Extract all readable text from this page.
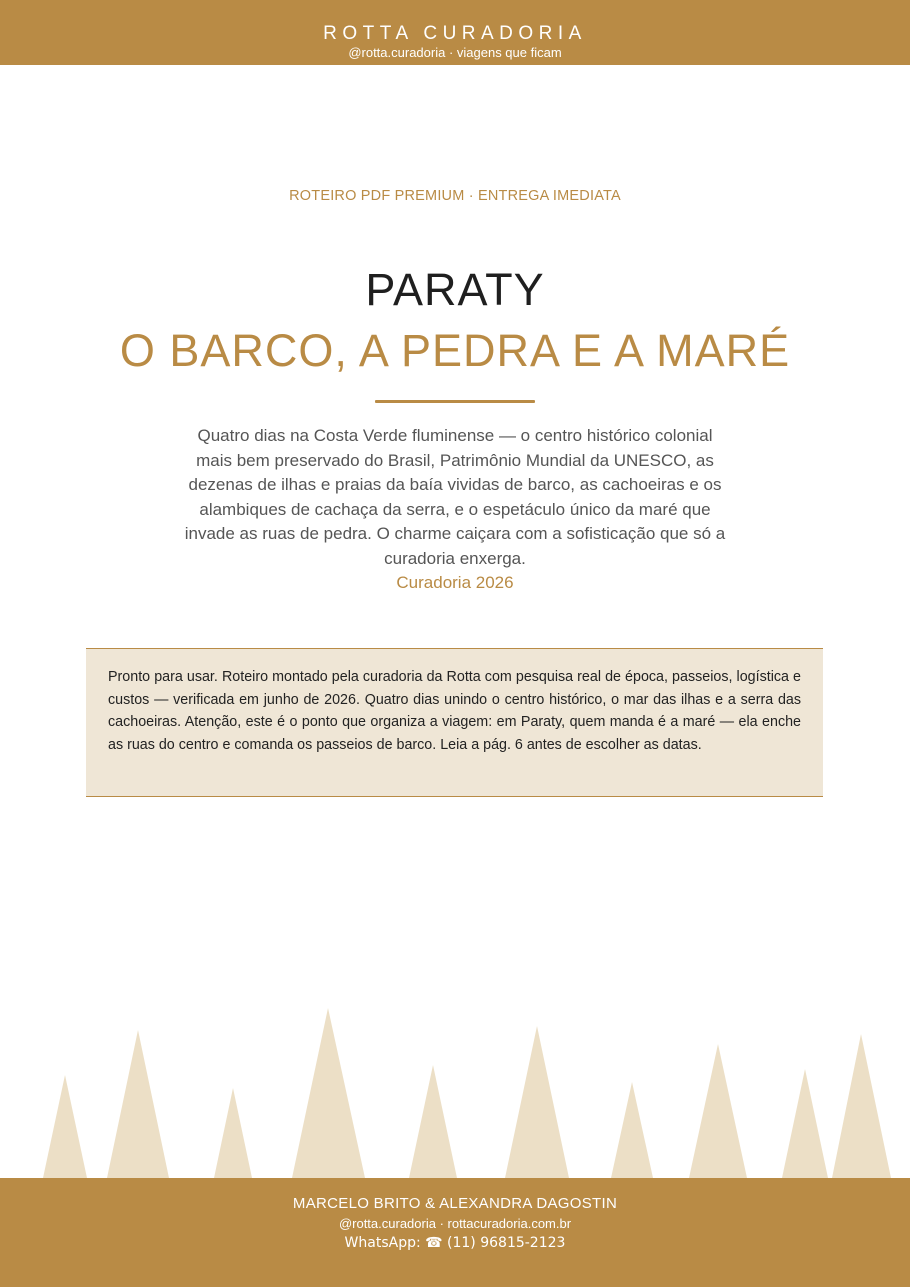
ROTTA CURADORIA
@rotta.curadoria · viagens que ficam
ROTEIRO PDF PREMIUM · ENTREGA IMEDIATA
PARATY
O BARCO, A PEDRA E A MARÉ
Quatro dias na Costa Verde fluminense — o centro histórico colonial mais bem preservado do Brasil, Patrimônio Mundial da UNESCO, as dezenas de ilhas e praias da baía vividas de barco, as cachoeiras e os alambiques de cachaça da serra, e o espetáculo único da maré que invade as ruas de pedra. O charme caiçara com a sofisticação que só a curadoria enxerga.
Curadoria 2026
Pronto para usar. Roteiro montado pela curadoria da Rotta com pesquisa real de época, passeios, logística e custos — verificada em junho de 2026. Quatro dias unindo o centro histórico, o mar das ilhas e a serra das cachoeiras. Atenção, este é o ponto que organiza a viagem: em Paraty, quem manda é a maré — ela enche as ruas do centro e comanda os passeios de barco. Leia a pág. 6 antes de escolher as datas.
MARCELO BRITO & ALEXANDRA DAGOSTIN
@rotta.curadoria · rottacuradoria.com.br
WhatsApp: ☎ (11) 96815-2123
